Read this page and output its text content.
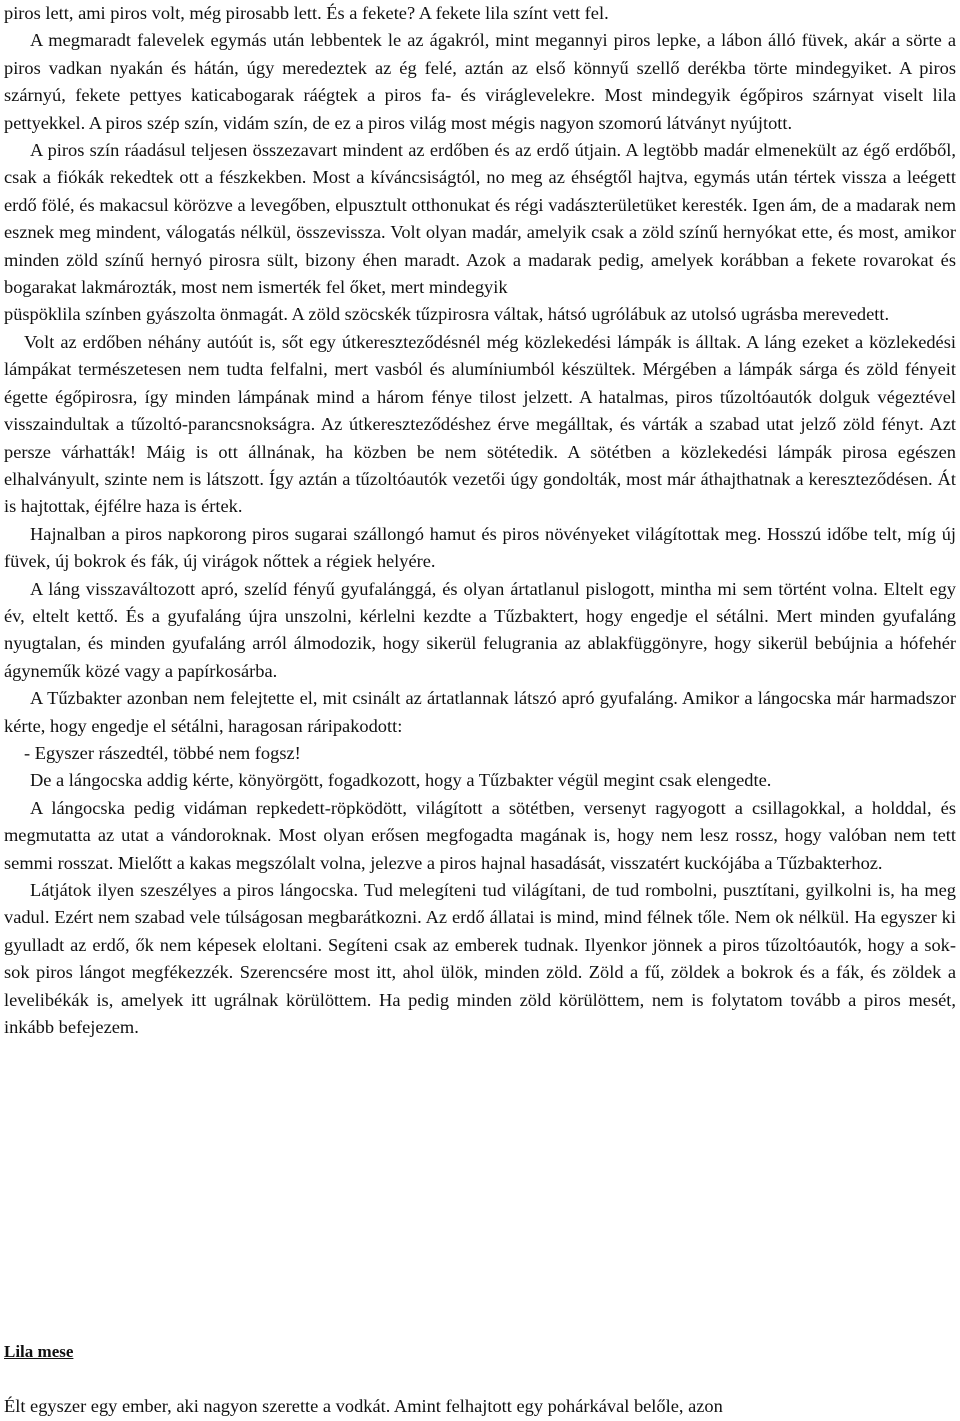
piros lett, ami piros volt, még pirosabb lett. És a fekete? A fekete lila színt vett fel.

A megmaradt falevelek egymás után lebbentek le az ágakról, mint megannyi piros lepke, a lábon álló füvek, akár a sörte a piros vadkan nyakán és hátán, úgy meredeztek az ég felé, aztán az első könnyű szellő derékba törte mindegyiket. A piros szárnyú, fekete pettyes katicabogarak ráégtek a piros fa- és viráglevelekre. Most mindegyik égőpiros szárnyat viselt lila pettyekkel. A piros szép szín, vidám szín, de ez a piros világ most mégis nagyon szomorú látványt nyújtott.

A piros szín ráadásul teljesen összezavart mindent az erdőben és az erdő útjain. A legtöbb madár elmenekült az égő erdőből, csak a fiókák rekedtek ott a fészkekben. Most a kíváncsiságtól, no meg az éhségtől hajtva, egymás után tértek vissza a leégett erdő fölé, és makacsul körözve a levegőben, elpusztult otthonukat és régi vadászterületüket keresték. Igen ám, de a madarak nem esznek meg mindent, válogatás nélkül, összevissza. Volt olyan madár, amelyik csak a zöld színű hernyókat ette, és most, amikor minden zöld színű hernyó pirosra sült, bizony éhen maradt. Azok a madarak pedig, amelyek korábban a fekete rovarokat és bogarakat lakmározták, most nem ismerték fel őket, mert mindegyik

püspöklila színben gyászolta önmagát. A zöld szöcskék tűzpirosra váltak, hátsó ugrólábuk az utolsó ugrásba merevedett.

Volt az erdőben néhány autóút is, sőt egy útkereszteződésnél még közlekedési lámpák is álltak. A láng ezeket a közlekedési lámpákat természetesen nem tudta felfalni, mert vasból és alumíniumból készültek. Mérgében a lámpák sárga és zöld fényeit égette égőpirosra, így minden lámpának mind a három fénye tilost jelzett. A hatalmas, piros tűzoltóautók dolguk végeztével visszaindultak a tűzoltó-parancsnokságra. Az útkereszteződéshez érve megálltak, és várták a szabad utat jelző zöld fényt. Azt persze várhatták! Máig is ott állnának, ha közben be nem sötétedik. A sötétben a közlekedési lámpák pirosa egészen elhalványult, szinte nem is látszott. Így aztán a tűzoltóautók vezetői úgy gondolták, most már áthajthatnak a kereszteződésen. Át is hajtottak, éjfélre haza is értek.

Hajnalban a piros napkorong piros sugarai szállongó hamut és piros növényeket világítottak meg. Hosszú időbe telt, míg új füvek, új bokrok és fák, új virágok nőttek a régiek helyére.

A láng visszaváltozott apró, szelíd fényű gyufalánggá, és olyan ártatlanul pislogott, mintha mi sem történt volna. Eltelt egy év, eltelt kettő. És a gyufaláng újra unszolni, kérlelni kezdte a Tűzbaktert, hogy engedje el sétálni. Mert minden gyufaláng nyugtalan, és minden gyufaláng arról álmodozik, hogy sikerül felugrania az ablakfüggönyre, hogy sikerül bebújnia a hófehér ágyneműk közé vagy a papírkosárba.

A Tűzbakter azonban nem felejtette el, mit csinált az ártatlannak látszó apró gyufaláng. Amikor a lángocska már harmadszor kérte, hogy engedje el sétálni, haragosan ráripakodott:

- Egyszer rászedtél, többé nem fogsz!

De a lángocska addig kérte, könyörgött, fogadkozott, hogy a Tűzbakter végül megint csak elengedte.

A lángocska pedig vidáman repkedett-röpködött, világított a sötétben, versenyt ragyogott a csillagokkal, a holddal, és megmutatta az utat a vándoroknak. Most olyan erősen megfogadta magának is, hogy nem lesz rossz, hogy valóban nem tett semmi rosszat. Mielőtt a kakas megszólalt volna, jelezve a piros hajnal hasadását, visszatért kuckójába a Tűzbakterhoz.

Látjátok ilyen szeszélyes a piros lángocska. Tud melegíteni tud világítani, de tud rombolni, pusztítani, gyilkolni is, ha meg vadul. Ezért nem szabad vele túlságosan megbarátkozni. Az erdő állatai is mind, mind félnek tőle. Nem ok nélkül. Ha egyszer ki gyulladt az erdő, ők nem képesek eloltani. Segíteni csak az emberek tudnak. Ilyenkor jönnek a piros tűzoltóautók, hogy a sok-sok piros lángot megfékezzék. Szerencsére most itt, ahol ülök, minden zöld. Zöld a fű, zöldek a bokrok és a fák, és zöldek a levelibékák is, amelyek itt ugrálnak körülöttem. Ha pedig minden zöld körülöttem, nem is folytatom tovább a piros mesét, inkább befejezem.

Lila mese

Élt egyszer egy ember, aki nagyon szerette a vodkát. Amint felhajtott egy pohárkával belőle, azon
